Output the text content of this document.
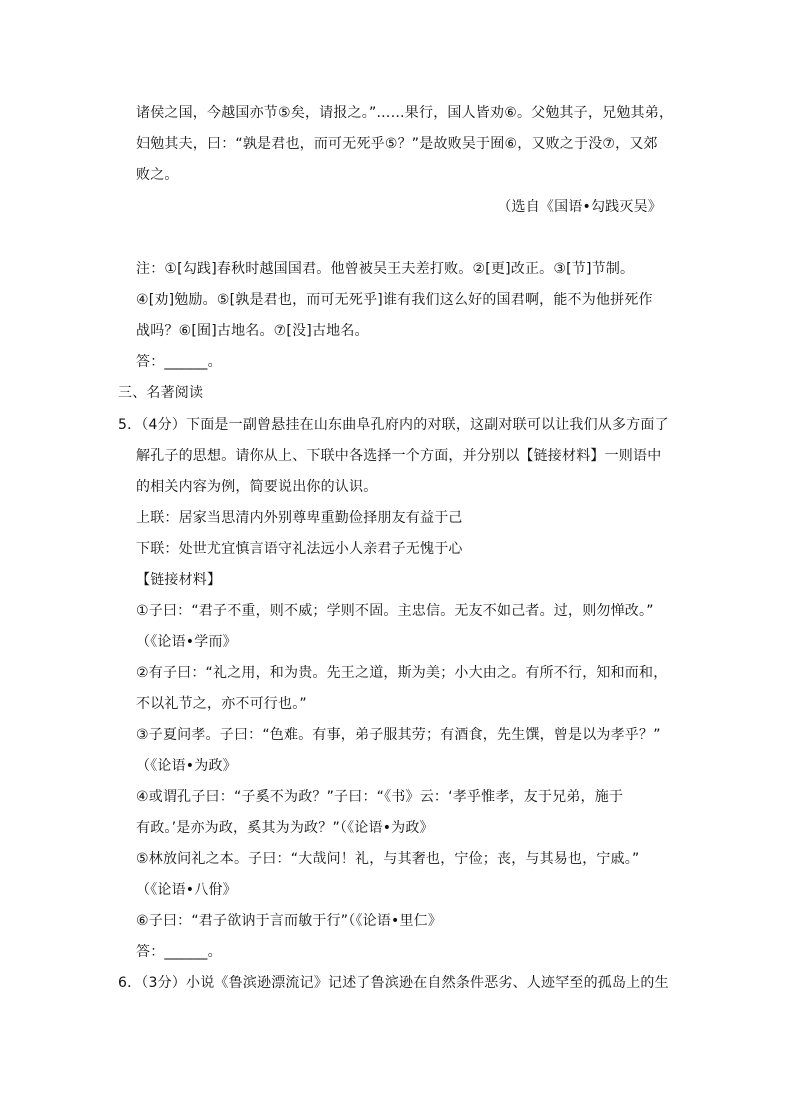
诸侯之国，今越国亦节⑤矣，请报之。”……果行，国人皆劝⑥。父勉其子，兄勉其弟，
妇勉其夫，曰：“孰是君也，而可无死乎⑤？”是故败吴于囿⑥，又败之于没⑦，又郊
败之。
（选自《国语•勾践灭吴》
注：①[勾践]春秋时越国国君。他曾被吴王夫差打败。②[更]改正。③[节]节制。
④[劝]勉励。⑤[孰是君也，而可无死乎]谁有我们这么好的国君啊，能不为他拼死作
战吗？⑥[囿]古地名。⑦[没]古地名。
答：______。
三、名著阅读
5．（4分）下面是一副曾悬挂在山东曲阜孔府内的对联，这副对联可以让我们从多方面了
解孔子的思想。请你从上、下联中各选择一个方面，并分别以【链接材料】一则语中
的相关内容为例，简要说出你的认识。
上联：居家当思清内外别尊卑重勤俭择朋友有益于己
下联：处世尤宜慎言语守礼法远小人亲君子无愧于心
【链接材料】
①子曰：“君子不重，则不威；学则不固。主忠信。无友不如己者。过，则勿惮改。”
（《论语•学而》
②有子曰：“礼之用，和为贵。先王之道，斯为美；小大由之。有所不行，知和而和，
不以礼节之，亦不可行也。”
③子夏问孝。子曰：“色难。有事，弟子服其劳；有酒食，先生馔，曾是以为孝乎？”
（《论语•为政》
④或谓孔子曰：“子奚不为政？”子曰：“《书》云：‘孝乎惟孝，友于兄弟，施于
有政。’是亦为政，奚其为为政？”（《论语•为政》
⑤林放问礼之本。子曰：“大哉问！礼，与其奢也，宁俭；丧，与其易也，宁戚。”
（《论语•八佾》
⑥子曰：“君子欲讷于言而敏于行”（《论语•里仁》
答：______。
6．（3分）小说《鲁滨逊漂流记》记述了鲁滨逊在自然条件恶劣、人迹罕至的孤岛上的生
